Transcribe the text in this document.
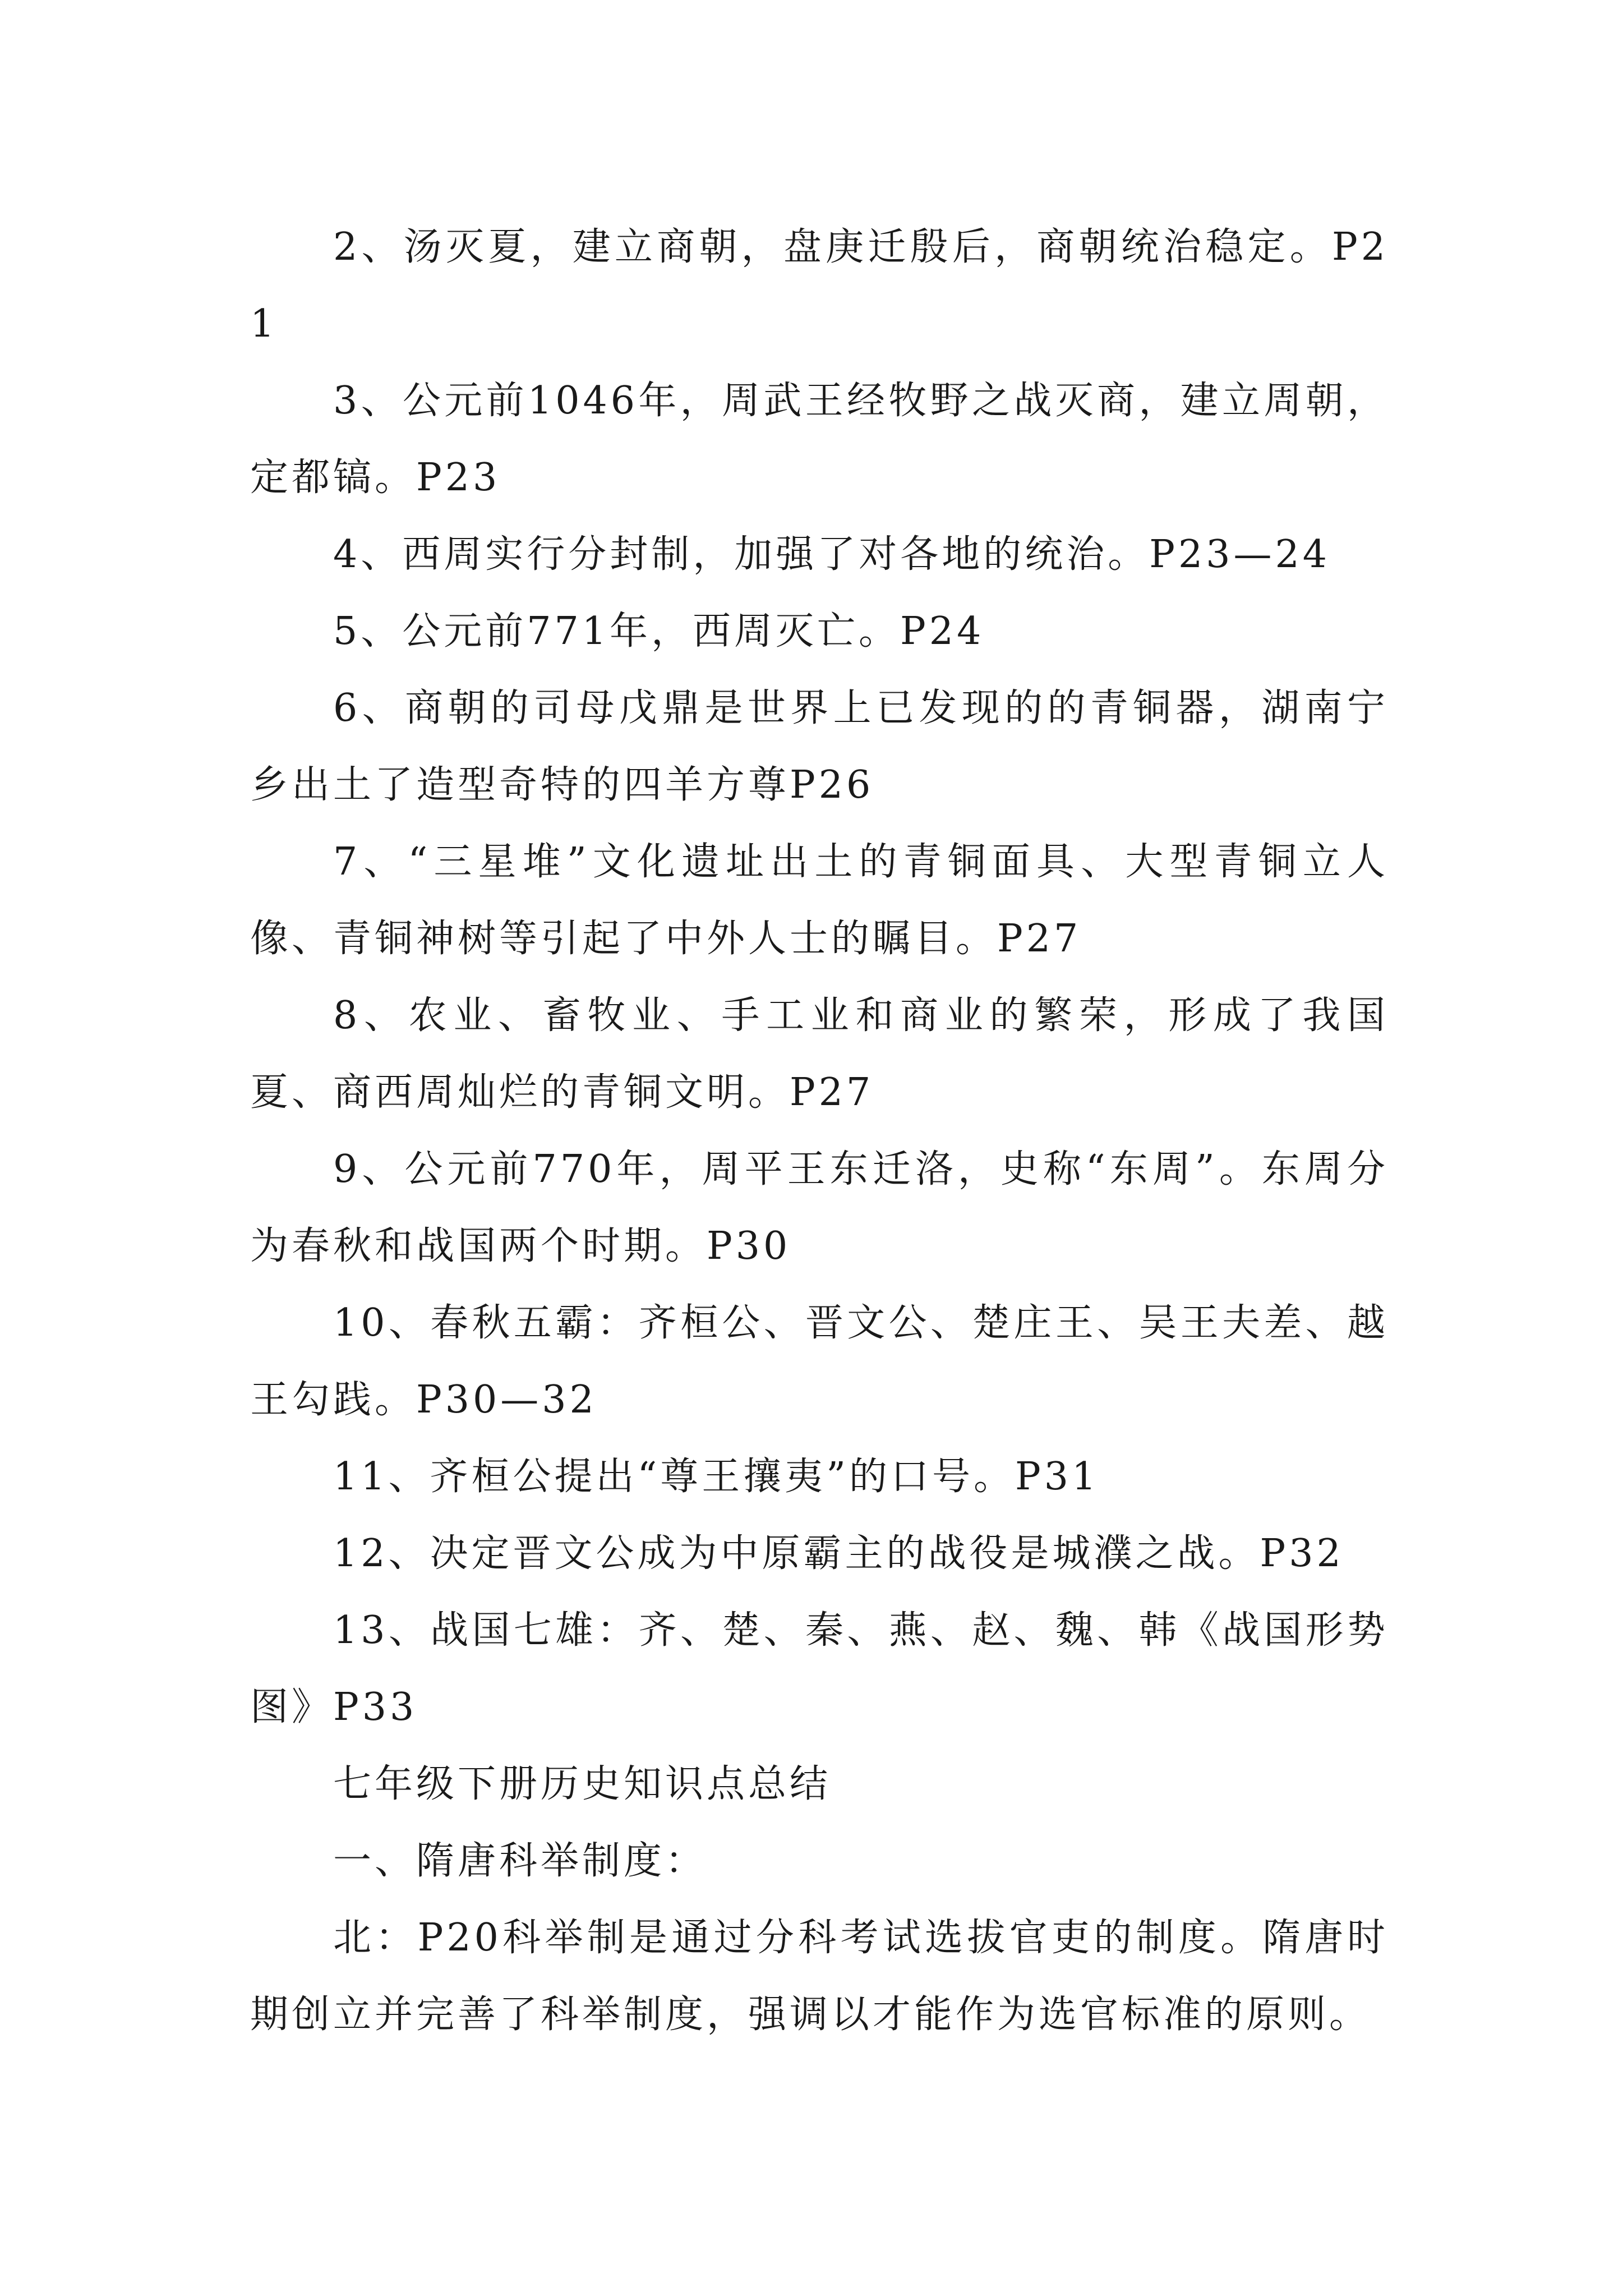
2、汤灭夏，建立商朝，盘庚迁殷后，商朝统治稳定。P21

3、公元前1046年，周武王经牧野之战灭商，建立周朝，定都镐。P23

4、西周实行分封制，加强了对各地的统治。P23—24

5、公元前771年，西周灭亡。P24

6、商朝的司母戊鼎是世界上已发现的的青铜器，湖南宁乡出土了造型奇特的四羊方尊P26

7、“三星堆”文化遗址出土的青铜面具、大型青铜立人像、青铜神树等引起了中外人士的瞩目。P27

8、农业、畜牧业、手工业和商业的繁荣，形成了我国夏、商西周灿烂的青铜文明。P27

9、公元前770年，周平王东迁洛，史称“东周”。东周分为春秋和战国两个时期。P30

10、春秋五霸：齐桓公、晋文公、楚庄王、吴王夫差、越王勾践。P30—32

11、齐桓公提出“尊王攘夷”的口号。P31

12、决定晋文公成为中原霸主的战役是城濮之战。P32

13、战国七雄：齐、楚、秦、燕、赵、魏、韩《战国形势图》P33

七年级下册历史知识点总结

一、隋唐科举制度：

北：P20科举制是通过分科考试选拔官吏的制度。隋唐时期创立并完善了科举制度，强调以才能作为选官标准的原则。
